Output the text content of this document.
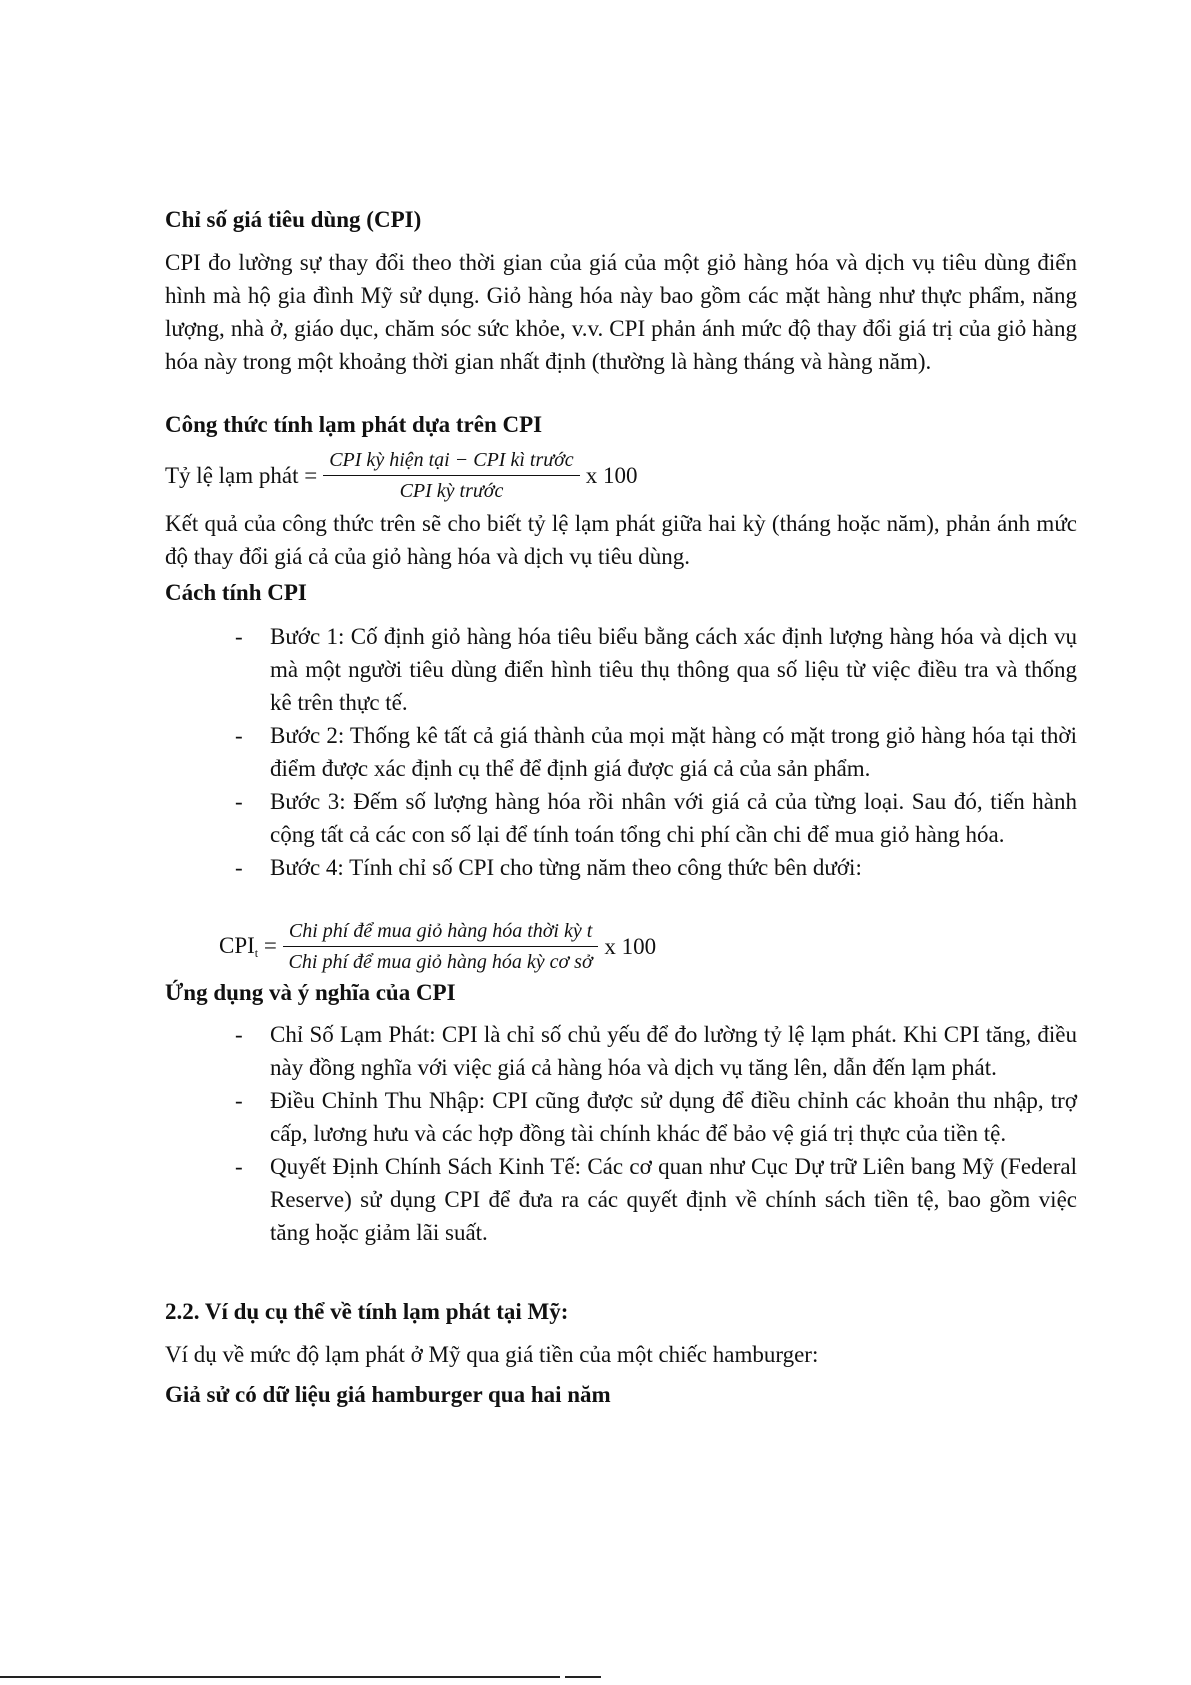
Chỉ số giá tiêu dùng (CPI)
CPI đo lường sự thay đổi theo thời gian của giá của một giỏ hàng hóa và dịch vụ tiêu dùng điển hình mà hộ gia đình Mỹ sử dụng. Giỏ hàng hóa này bao gồm các mặt hàng như thực phẩm, năng lượng, nhà ở, giáo dục, chăm sóc sức khỏe, v.v. CPI phản ánh mức độ thay đổi giá trị của giỏ hàng hóa này trong một khoảng thời gian nhất định (thường là hàng tháng và hàng năm).
Công thức tính lạm phát dựa trên CPI
Tỷ lệ lạm phát = $\frac{\text{CPI kỳ hiện tại − CPI kì trước}}{\text{CPI kỳ trước}}$ x 100
Kết quả của công thức trên sẽ cho biết tỷ lệ lạm phát giữa hai kỳ (tháng hoặc năm), phản ánh mức độ thay đổi giá cả của giỏ hàng hóa và dịch vụ tiêu dùng.
Cách tính CPI
- Bước 1: Cố định giỏ hàng hóa tiêu biểu bằng cách xác định lượng hàng hóa và dịch vụ mà một người tiêu dùng điển hình tiêu thụ thông qua số liệu từ việc điều tra và thống kê trên thực tế.
- Bước 2: Thống kê tất cả giá thành của mọi mặt hàng có mặt trong giỏ hàng hóa tại thời điểm được xác định cụ thể để định giá được giá cả của sản phẩm.
- Bước 3: Đếm số lượng hàng hóa rồi nhân với giá cả của từng loại. Sau đó, tiến hành cộng tất cả các con số lại để tính toán tổng chi phí cần chi để mua giỏ hàng hóa.
- Bước 4: Tính chỉ số CPI cho từng năm theo công thức bên dưới:
$CPI_t = \frac{\text{Chi phí để mua giỏ hàng hóa thời kỳ t}}{\text{Chi phí để mua giỏ hàng hóa kỳ cơ sở}}$ x 100
Ứng dụng và ý nghĩa của CPI
- Chỉ Số Lạm Phát: CPI là chỉ số chủ yếu để đo lường tỷ lệ lạm phát. Khi CPI tăng, điều này đồng nghĩa với việc giá cả hàng hóa và dịch vụ tăng lên, dẫn đến lạm phát.
- Điều Chỉnh Thu Nhập: CPI cũng được sử dụng để điều chỉnh các khoản thu nhập, trợ cấp, lương hưu và các hợp đồng tài chính khác để bảo vệ giá trị thực của tiền tệ.
- Quyết Định Chính Sách Kinh Tế: Các cơ quan như Cục Dự trữ Liên bang Mỹ (Federal Reserve) sử dụng CPI để đưa ra các quyết định về chính sách tiền tệ, bao gồm việc tăng hoặc giảm lãi suất.
2.2. Ví dụ cụ thể về tính lạm phát tại Mỹ:
Ví dụ về mức độ lạm phát ở Mỹ qua giá tiền của một chiếc hamburger:
Giả sử có dữ liệu giá hamburger qua hai năm
